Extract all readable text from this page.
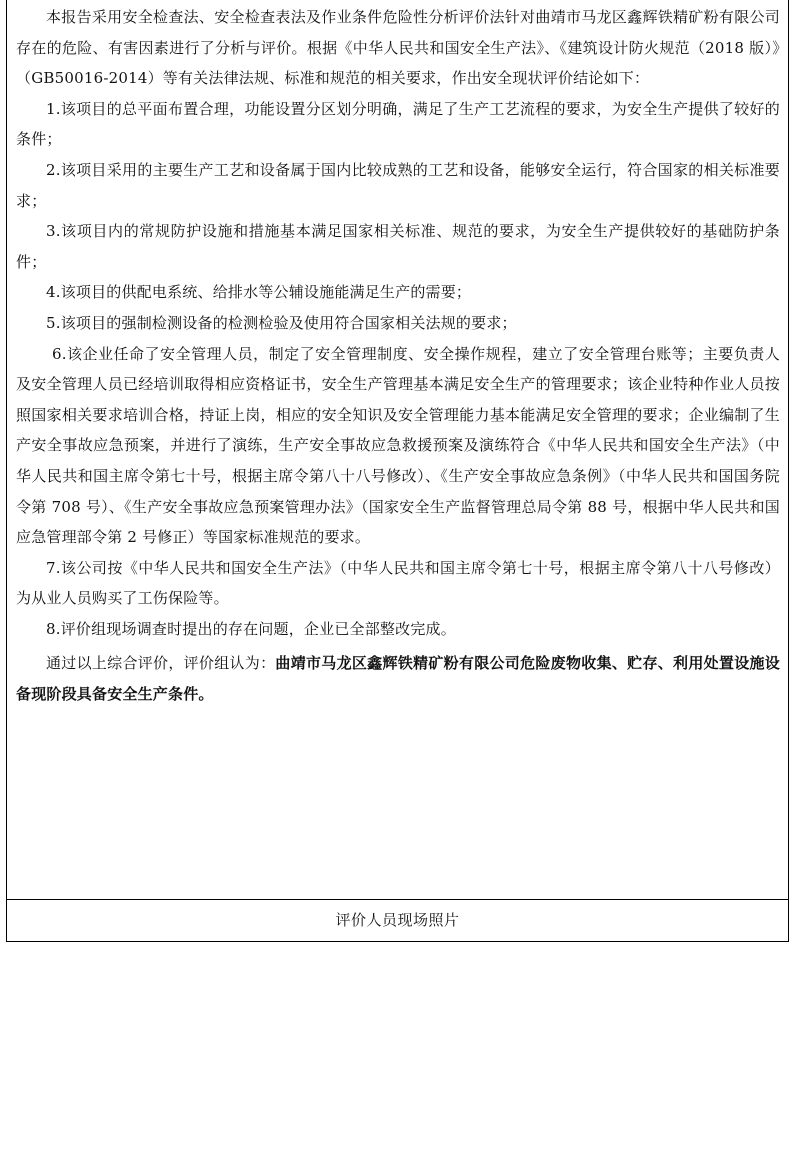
本报告采用安全检查法、安全检查表法及作业条件危险性分析评价法针对曲靖市马龙区鑫辉铁精矿粉有限公司存在的危险、有害因素进行了分析与评价。根据《中华人民共和国安全生产法》、《建筑设计防火规范（2018 版）》（GB50016-2014）等有关法律法规、标准和规范的相关要求，作出安全现状评价结论如下：

1.该项目的总平面布置合理，功能设置分区划分明确，满足了生产工艺流程的要求，为安全生产提供了较好的条件；

2.该项目采用的主要生产工艺和设备属于国内比较成熟的工艺和设备，能够安全运行，符合国家的相关标准要求；

3.该项目内的常规防护设施和措施基本满足国家相关标准、规范的要求，为安全生产提供较好的基础防护条件；

4.该项目的供配电系统、给排水等公辅设施能满足生产的需要；

5.该项目的强制检测设备的检测检验及使用符合国家相关法规的要求；

6.该企业任命了安全管理人员，制定了安全管理制度、安全操作规程，建立了安全管理台账等；主要负责人及安全管理人员已经培训取得相应资格证书，安全生产管理基本满足安全生产的管理要求；该企业特种作业人员按照国家相关要求培训合格，持证上岗，相应的安全知识及安全管理能力基本能满足安全管理的要求；企业编制了生产安全事故应急预案，并进行了演练，生产安全事故应急救援预案及演练符合《中华人民共和国安全生产法》（中华人民共和国主席令第七十号，根据主席令第八十八号修改）、《生产安全事故应急条例》（中华人民共和国国务院令第 708 号）、《生产安全事故应急预案管理办法》（国家安全生产监督管理总局令第 88 号，根据中华人民共和国应急管理部令第 2 号修正）等国家标准规范的要求。

7.该公司按《中华人民共和国安全生产法》（中华人民共和国主席令第七十号，根据主席令第八十八号修改）为从业人员购买了工伤保险等。

8.评价组现场调查时提出的存在问题，企业已全部整改完成。

通过以上综合评价，评价组认为：曲靖市马龙区鑫辉铁精矿粉有限公司危险废物收集、贮存、利用处置设施设备现阶段具备安全生产条件。

评价人员现场照片
